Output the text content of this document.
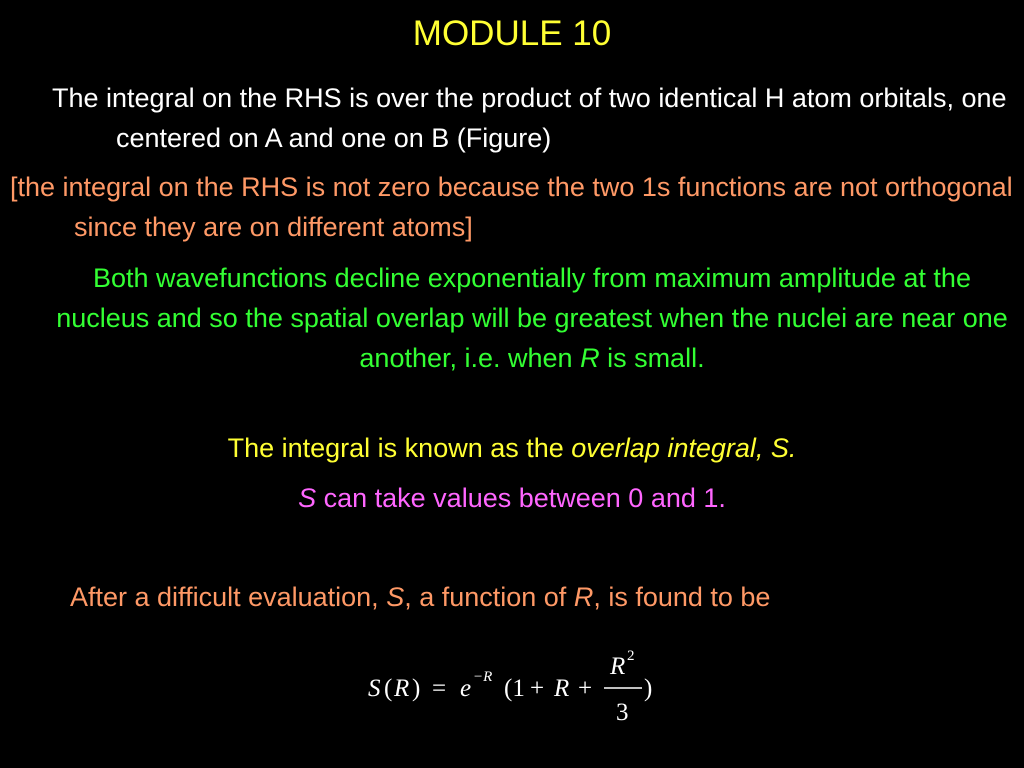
MODULE 10
The integral on the RHS is over the product of two identical H atom orbitals, one centered on A and one on B (Figure)
[the integral on the RHS is not zero because the two 1s functions are not orthogonal since they are on different atoms]
Both wavefunctions decline exponentially from maximum amplitude at the nucleus and so the spatial overlap will be greatest when the nuclei are near one another, i.e. when R is small.
The integral is known as the overlap integral, S.
S can take values between 0 and 1.
After a difficult evaluation, S, a function of R, is found to be
S ( R ) = e −R (1 + R +
R 2
3
)
